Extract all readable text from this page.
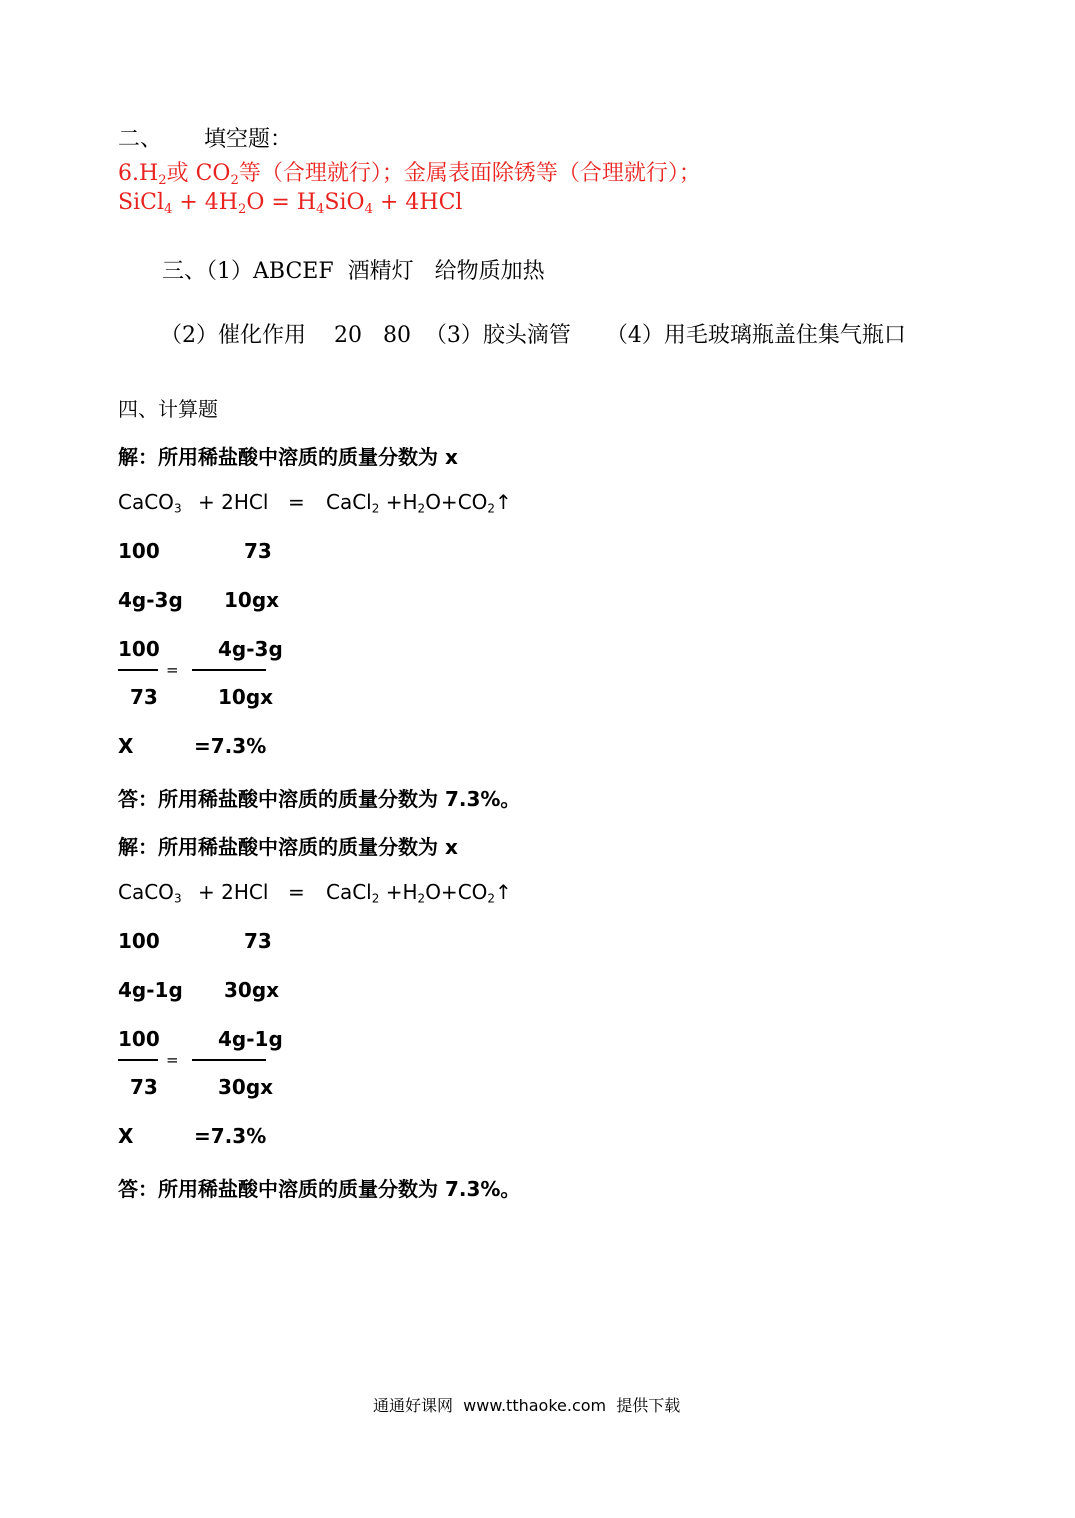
二、 填空题：
$6.H_2$或 $CO_2$等（合理就行）；金属表面除锈等（合理就行）；
SiCl$_4$ + $4H_2O = H_4SiO_4 + 4HCl$
三、（1）ABCEF  酒精灯   给物质加热
（2）催化作用    20   80  （3）胶头滴管     （4）用毛玻璃瓶盖住集气瓶口
四、计算题
解：所用稀盐酸中溶质的质量分数为 x
CaCO$_3$ + 2HCl = CaCl$_2$ $+H_2O+CO_2↑$
100	73
4g-3g 10gx
100
73
=
4g-3g
10gx
X	=7.3%
答：所用稀盐酸中溶质的质量分数为 7.3%。
解：所用稀盐酸中溶质的质量分数为 x
CaCO$_3$ + 2HCl = CaCl$_2$ $+H_2O+CO_2↑$
100	73
4g-1g 30gx
100
73
=
4g-1g
30gx
X	=7.3%
答：所用稀盐酸中溶质的质量分数为 7.3%。
通通好课网  www.tthaoke.com  提供下载
